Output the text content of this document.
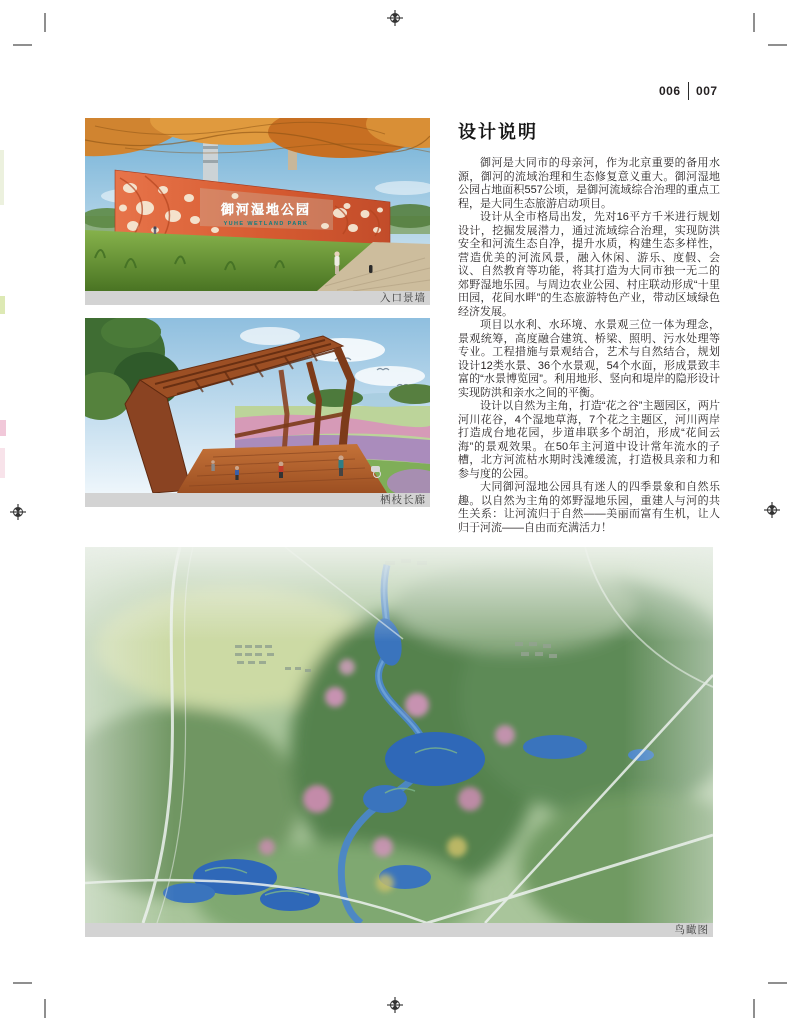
006 007
设计说明

御河是大同市的母亲河，作为北京重要的备用水源，御河的流域治理和生态修复意义重大。御河湿地公园占地面积557公顷，是御河流域综合治理的重点工程，是大同生态旅游启动项目。

设计从全市格局出发，先对16平方千米进行规划设计，挖掘发展潜力，通过流域综合治理，实现防洪安全和河流生态自净，提升水质，构建生态多样性，营造优美的河流风景，融入休闲、游乐、度假、会议、自然教育等功能，将其打造为大同市独一无二的郊野湿地乐园。与周边农业公园、村庄联动形成“十里田园，花间水畔”的生态旅游特色产业，带动区域绿色经济发展。

项目以水利、水环境、水景观三位一体为理念，景观统筹，高度融合建筑、桥梁、照明、污水处理等专业。工程措施与景观结合，艺术与自然结合，规划设计12类水景、36个水景观，54个水面，形成景致丰富的“水景博览园”。利用地形、竖向和堤岸的隐形设计实现防洪和亲水之间的平衡。

设计以自然为主角，打造“花之谷”主题园区，两片河川花谷，4个湿地草海，7个花之主题区，河川两岸打造成台地花园，步道串联多个胡泊，形成“花间云海”的景观效果。在50年主河道中设计常年流水的子槽，北方河流枯水期时浅滩缓流，打造极具亲和力和参与度的公园。

大同御河湿地公园具有迷人的四季景象和自然乐趣。以自然为主角的郊野湿地乐园，重建人与河的共生关系：让河流归于自然——美丽而富有生机，让人归于河流——自由而充满活力！

御河湿地公园
YUHE WETLAND PARK
入口景墙
栖枝长廊
鸟瞰图
